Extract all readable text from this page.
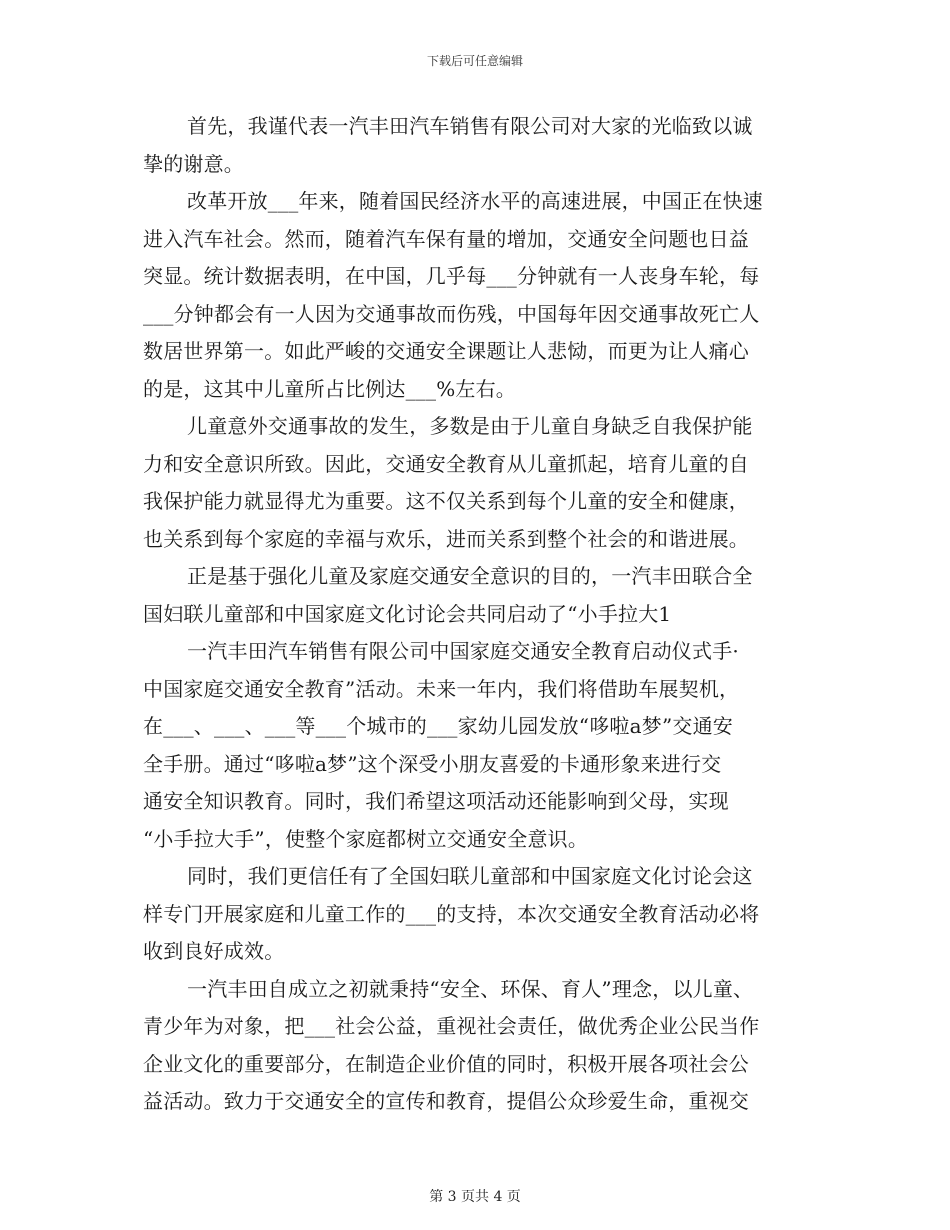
下载后可任意编辑
首先，我谨代表一汽丰田汽车销售有限公司对大家的光临致以诚
挚的谢意。
改革开放___年来，随着国民经济水平的高速进展，中国正在快速
进入汽车社会。然而，随着汽车保有量的增加，交通安全问题也日益
突显。统计数据表明，在中国，几乎每___分钟就有一人丧身车轮，每
___分钟都会有一人因为交通事故而伤残，中国每年因交通事故死亡人
数居世界第一。如此严峻的交通安全课题让人悲恸，而更为让人痛心
的是，这其中儿童所占比例达___%左右。
儿童意外交通事故的发生，多数是由于儿童自身缺乏自我保护能
力和安全意识所致。因此，交通安全教育从儿童抓起，培育儿童的自
我保护能力就显得尤为重要。这不仅关系到每个儿童的安全和健康，
也关系到每个家庭的幸福与欢乐，进而关系到整个社会的和谐进展。
正是基于强化儿童及家庭交通安全意识的目的，一汽丰田联合全
国妇联儿童部和中国家庭文化讨论会共同启动了“小手拉大1
一汽丰田汽车销售有限公司中国家庭交通安全教育启动仪式手·
中国家庭交通安全教育”活动。未来一年内，我们将借助车展契机，
在___、___、___等___个城市的___家幼儿园发放“哆啦a梦”交通安
全手册。通过“哆啦a梦”这个深受小朋友喜爱的卡通形象来进行交
通安全知识教育。同时，我们希望这项活动还能影响到父母，实现
“小手拉大手”，使整个家庭都树立交通安全意识。
同时，我们更信任有了全国妇联儿童部和中国家庭文化讨论会这
样专门开展家庭和儿童工作的___的支持，本次交通安全教育活动必将
收到良好成效。
一汽丰田自成立之初就秉持“安全、环保、育人”理念，以儿童、
青少年为对象，把___社会公益，重视社会责任，做优秀企业公民当作
企业文化的重要部分，在制造企业价值的同时，积极开展各项社会公
益活动。致力于交通安全的宣传和教育，提倡公众珍爱生命，重视交
第 3 页共 4 页
